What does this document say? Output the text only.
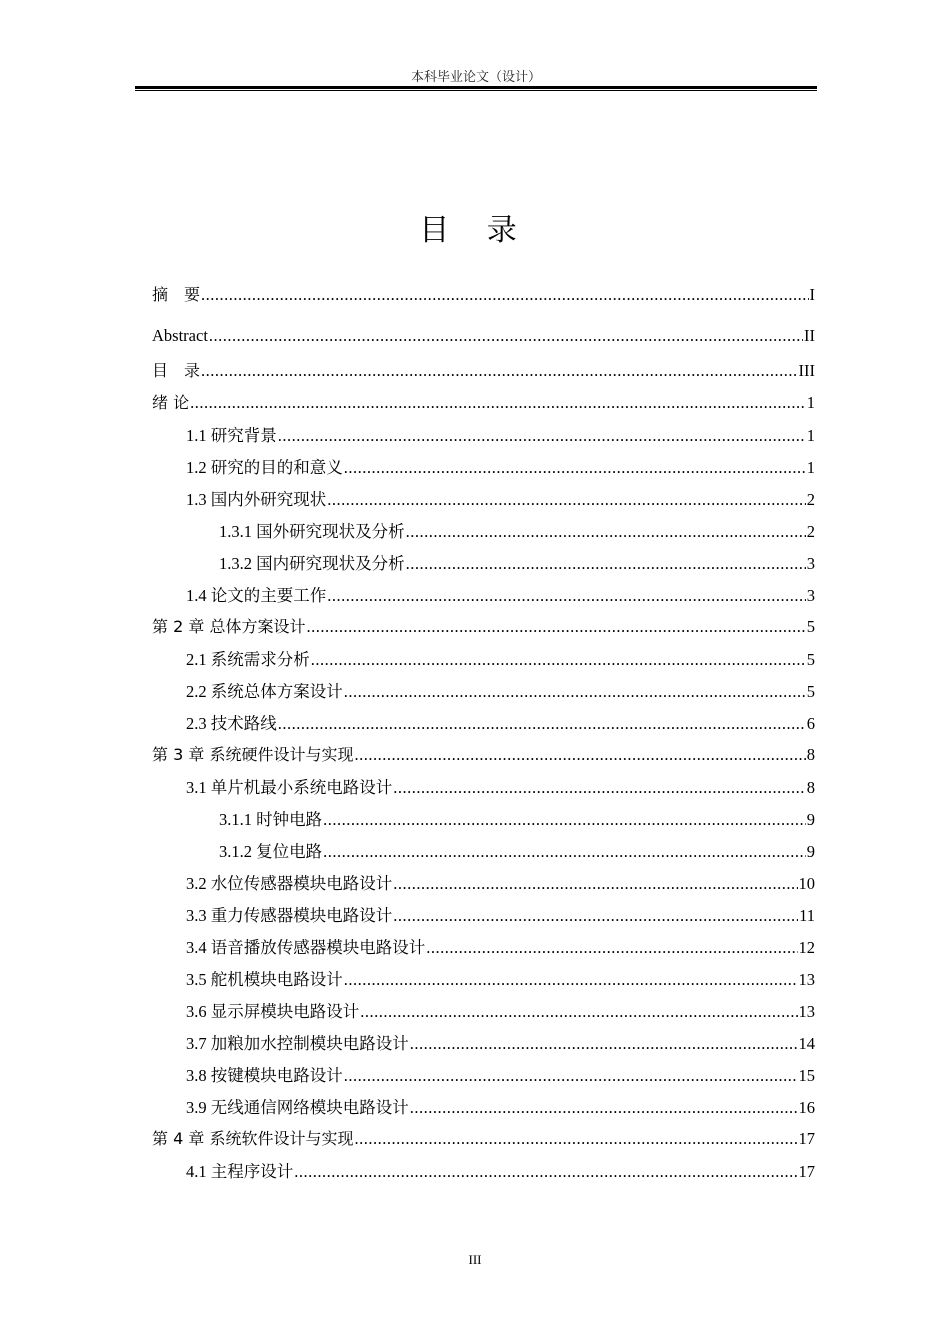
本科毕业论文（设计）
目 录
摘　要 .....	I
Abstract .....	II
目　录 .....	III
绪 论 .....	1
1.1 研究背景 .....	1
1.2 研究的目的和意义 .....	1
1.3 国内外研究现状 .....	2
1.3.1 国外研究现状及分析 .....	2
1.3.2 国内研究现状及分析 .....	3
1.4 论文的主要工作 .....	3
第 2 章 总体方案设计 .....	5
2.1 系统需求分析 .....	5
2.2 系统总体方案设计 .....	5
2.3 技术路线 .....	6
第 3 章 系统硬件设计与实现 .....	8
3.1 单片机最小系统电路设计 .....	8
3.1.1 时钟电路 .....	9
3.1.2 复位电路 .....	9
3.2 水位传感器模块电路设计 .....	10
3.3 重力传感器模块电路设计 .....	11
3.4 语音播放传感器模块电路设计 .....	12
3.5 舵机模块电路设计 .....	13
3.6 显示屏模块电路设计 .....	13
3.7 加粮加水控制模块电路设计 .....	14
3.8 按键模块电路设计 .....	15
3.9 无线通信网络模块电路设计 .....	16
第 4 章 系统软件设计与实现 .....	17
4.1 主程序设计 .....	17
III
